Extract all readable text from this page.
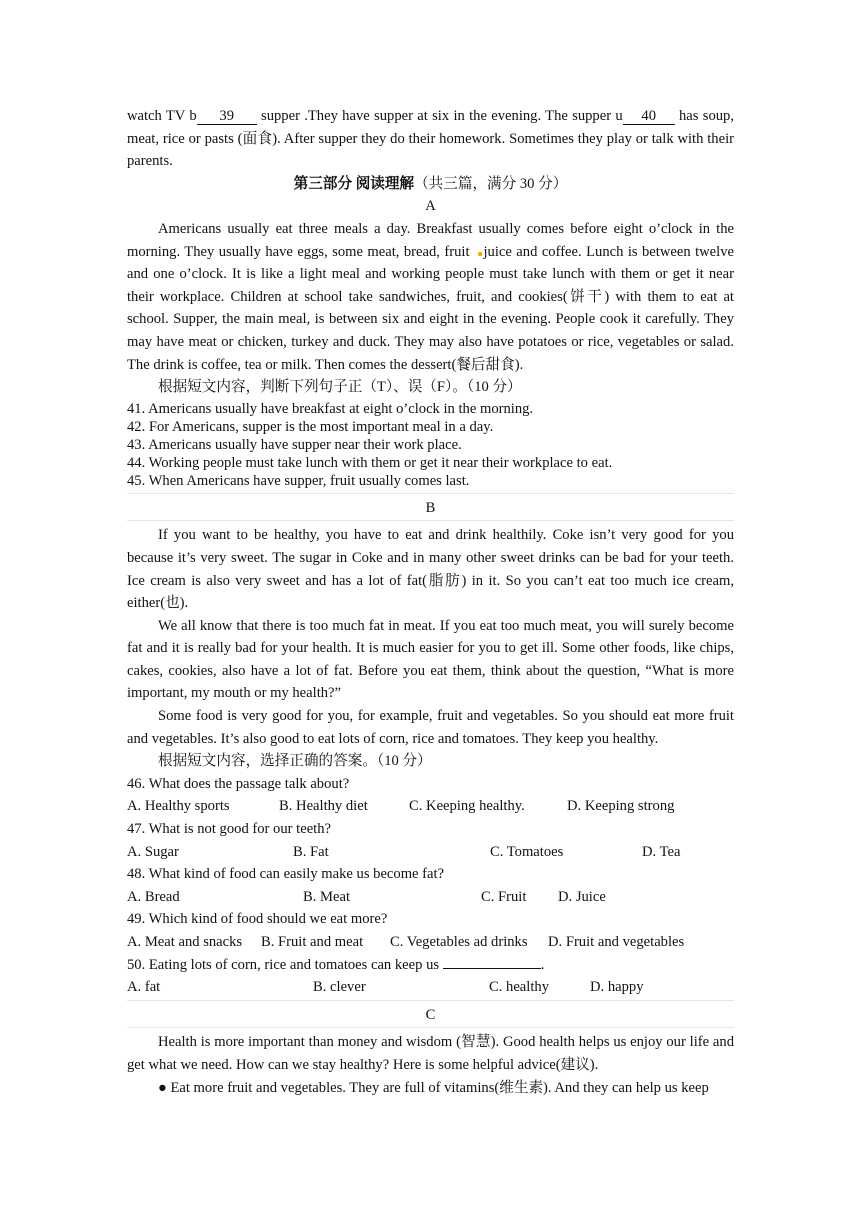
watch TV b 39 supper .They have supper at six in the evening. The supper u 40 has soup, meat, rice or pasts (面食). After supper they do their homework. Sometimes they play or talk with their parents.

第三部分 阅读理解（共三篇，满分 30 分）

A

Americans usually eat three meals a day. Breakfast usually comes before eight o’clock in the morning. They usually have eggs, some meat, bread, fruit juice and coffee. Lunch is between twelve and one o’clock. It is like a light meal and working people must take lunch with them or get it near their workplace. Children at school take sandwiches, fruit, and cookies(饼干) with them to eat at school. Supper, the main meal, is between six and eight in the evening. People cook it carefully. They may have meat or chicken, turkey and duck. They may also have potatoes or rice, vegetables or salad. The drink is coffee, tea or milk. Then comes the dessert(餐后甜食).

根据短文内容，判断下列句子正（T）、误（F）。（10 分）

41. Americans usually have breakfast at eight o’clock in the morning.

42. For Americans, supper is the most important meal in a day.

43. Americans usually have supper near their work place.

44. Working people must take lunch with them or get it near their workplace to eat.

45. When Americans have supper, fruit usually comes last.

B

If you want to be healthy, you have to eat and drink healthily. Coke isn’t very good for you because it’s very sweet. The sugar in Coke and in many other sweet drinks can be bad for your teeth. Ice cream is also very sweet and has a lot of fat(脂肪) in it. So you can’t eat too much ice cream, either(也).

We all know that there is too much fat in meat. If you eat too much meat, you will surely become fat and it is really bad for your health. It is much easier for you to get ill. Some other foods, like chips, cakes, cookies, also have a lot of fat. Before you eat them, think about the question, “What is more important, my mouth or my health?”

Some food is very good for you, for example, fruit and vegetables. So you should eat more fruit and vegetables. It’s also good to eat lots of corn, rice and tomatoes. They keep you healthy.

根据短文内容，选择正确的答案。（10 分）

46. What does the passage talk about?

A. Healthy sports	B. Healthy diet	C. Keeping healthy.	D. Keeping strong

47. What is not good for our teeth?

A. Sugar	B. Fat	C. Tomatoes	D. Tea

48. What kind of food can easily make us become fat?

A. Bread	B. Meat	C. Fruit	D. Juice

49. Which kind of food should we eat more?

A. Meat and snacks	B. Fruit and meat	C. Vegetables ad drinks	D. Fruit and vegetables

50. Eating lots of corn, rice and tomatoes can keep us	.

A. fat	B. clever	C. healthy	D. happy

C

Health is more important than money and wisdom (智慧). Good health helps us enjoy our life and get what we need. How can we stay healthy? Here is some helpful advice(建议).

● Eat more fruit and vegetables. They are full of vitamins(维生素). And they can help us keep
